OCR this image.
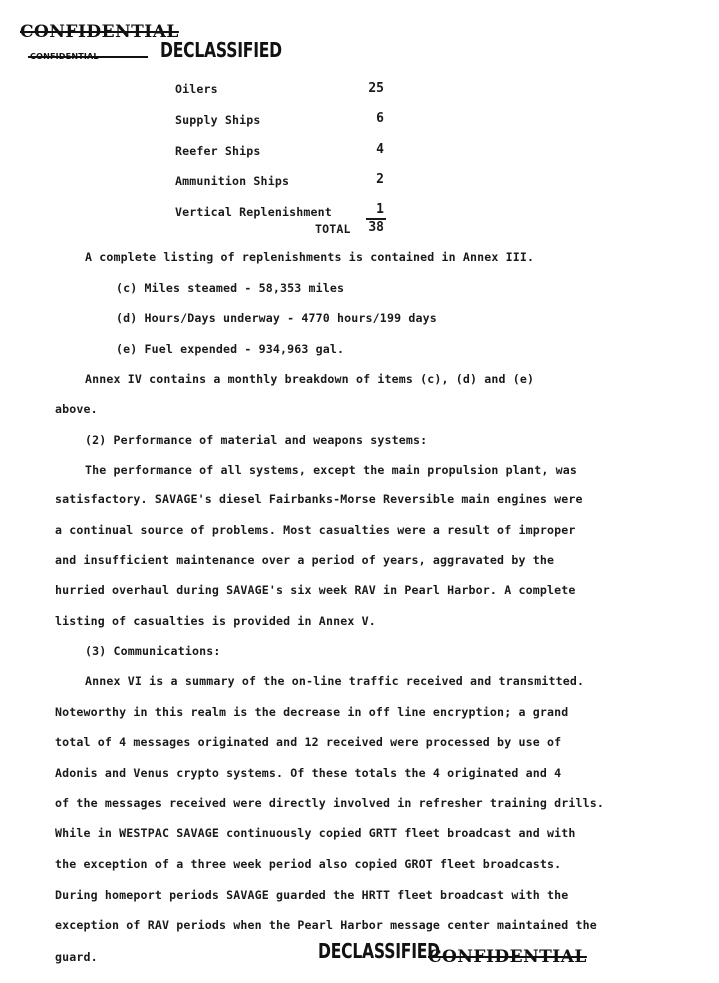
CONFIDENTIAL
DECLASSIFIED
Oilers	25
Supply Ships	6
Reefer Ships	4
Ammunition Ships	2
Vertical Replenishment	1
TOTAL	38
A complete listing of replenishments is contained in Annex III.
(c) Miles steamed - 58,353 miles
(d) Hours/Days underway - 4770 hours/199 days
(e) Fuel expended - 934,963 gal.
Annex IV contains a monthly breakdown of items (c), (d) and (e)
above.
(2) Performance of material and weapons systems:
The performance of all systems, except the main propulsion plant, was
satisfactory. SAVAGE's diesel Fairbanks-Morse Reversible main engines were
a continual source of problems. Most casualties were a result of improper
and insufficient maintenance over a period of years, aggravated by the
hurried overhaul during SAVAGE's six week RAV in Pearl Harbor. A complete
listing of casualties is provided in Annex V.
(3) Communications:
Annex VI is a summary of the on-line traffic received and transmitted.
Noteworthy in this realm is the decrease in off line encryption; a grand
total of 4 messages originated and 12 received were processed by use of
Adonis and Venus crypto systems. Of these totals the 4 originated and 4
of the messages received were directly involved in refresher training drills.
While in WESTPAC SAVAGE continuously copied GRTT fleet broadcast and with
the exception of a three week period also copied GROT fleet broadcasts.
During homeport periods SAVAGE guarded the HRTT fleet broadcast with the
exception of RAV periods when the Pearl Harbor message center maintained the
guard.	DECLASSIFIED
CONFIDENTIAL
